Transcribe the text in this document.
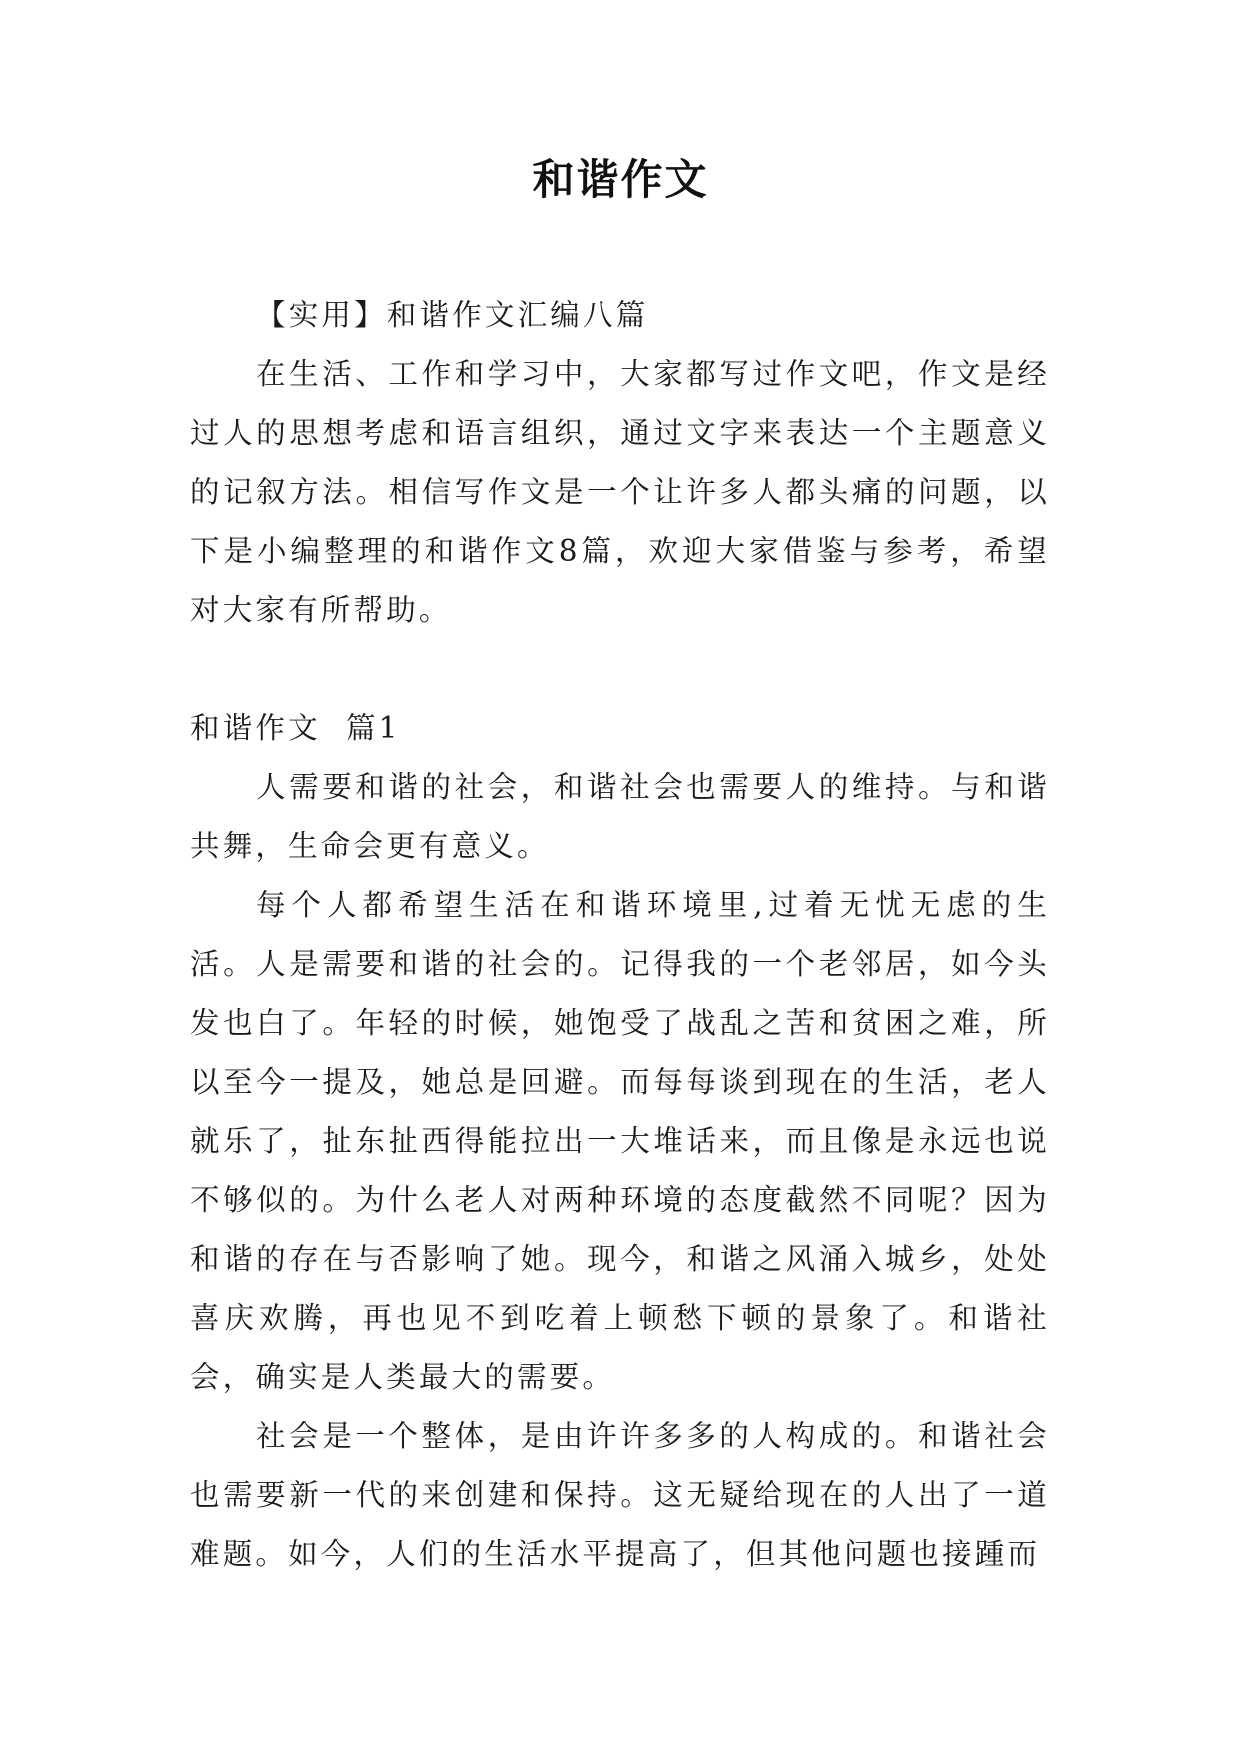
和谐作文

【实用】和谐作文汇编八篇

在生活、工作和学习中，大家都写过作文吧，作文是经过人的思想考虑和语言组织，通过文字来表达一个主题意义的记叙方法。相信写作文是一个让许多人都头痛的问题，以下是小编整理的和谐作文8篇，欢迎大家借鉴与参考，希望对大家有所帮助。

和谐作文  篇1

人需要和谐的社会，和谐社会也需要人的维持。与和谐共舞，生命会更有意义。

每个人都希望生活在和谐环境里,过着无忧无虑的生活。人是需要和谐的社会的。记得我的一个老邻居，如今头发也白了。年轻的时候，她饱受了战乱之苦和贫困之难，所以至今一提及，她总是回避。而每每谈到现在的生活，老人就乐了，扯东扯西得能拉出一大堆话来，而且像是永远也说不够似的。为什么老人对两种环境的态度截然不同呢？因为和谐的存在与否影响了她。现今，和谐之风涌入城乡，处处喜庆欢腾，再也见不到吃着上顿愁下顿的景象了。和谐社会，确实是人类最大的需要。

社会是一个整体，是由许许多多的人构成的。和谐社会也需要新一代的来创建和保持。这无疑给现在的人出了一道难题。如今，人们的生活水平提高了，但其他问题也接踵而
